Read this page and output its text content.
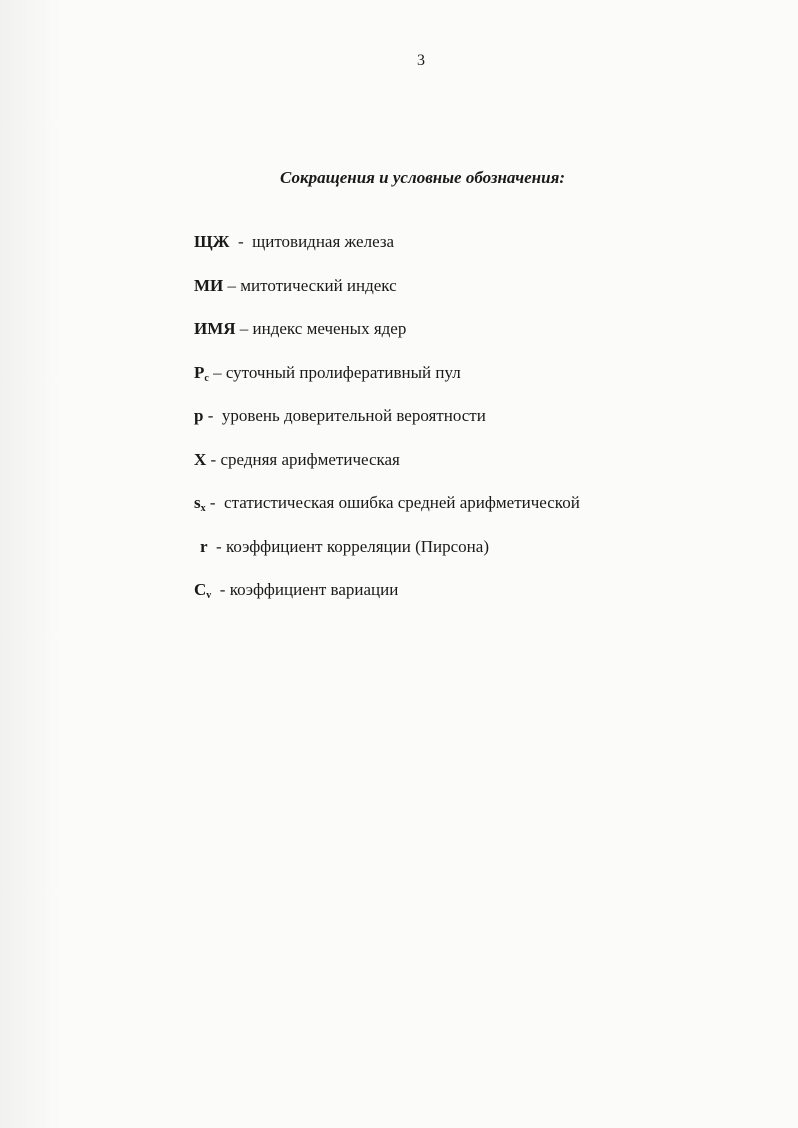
3
Сокращения и условные обозначения:
ЩЖ  -  щитовидная железа
МИ – митотический индекс
ИМЯ – индекс меченых ядер
$P_c$ – суточный пролиферативный пул
p -  уровень доверительной вероятности
X - средняя арифметическая
$s_x$ -  статистическая ошибка средней арифметической
r  - коэффициент корреляции (Пирсона)
$C_v$  - коэффициент вариации
